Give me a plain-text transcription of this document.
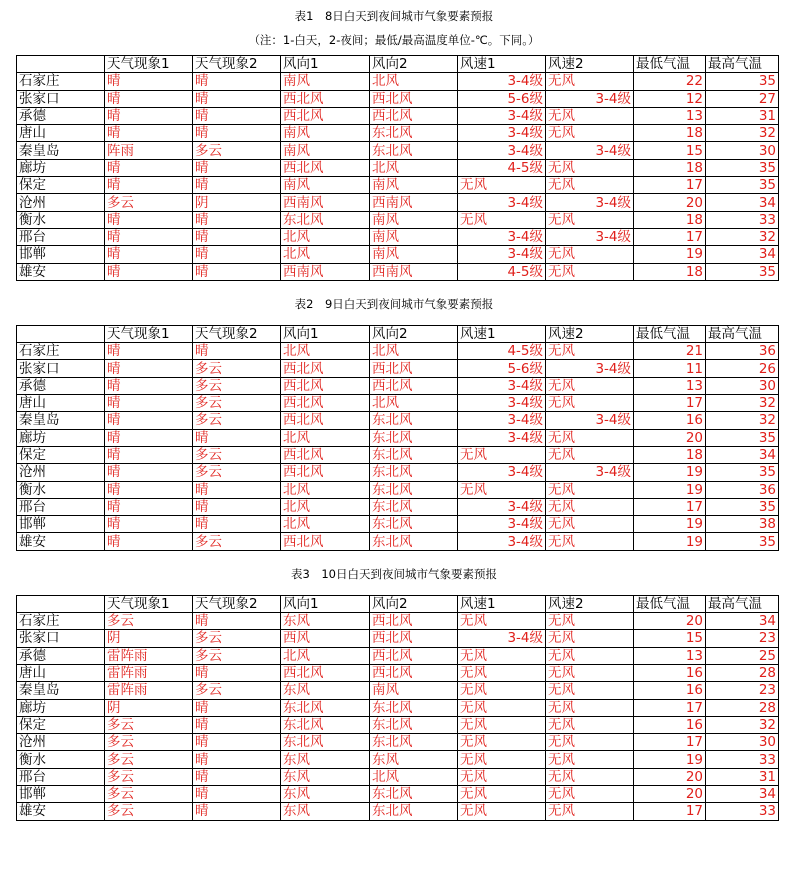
表1　8日白天到夜间城市气象要素预报
（注：1-白天，2-夜间；最低/最高温度单位-℃。下同。）
	天气现象1	天气现象2	风向1	风向2	风速1	风速2	最低气温	最高气温
石家庄	晴	晴	南风	北风	3-4级	无风	22	35
张家口	晴	晴	西北风	西北风	5-6级	3-4级	12	27
承德	晴	晴	西北风	西北风	3-4级	无风	13	31
唐山	晴	晴	南风	东北风	3-4级	无风	18	32
秦皇岛	阵雨	多云	南风	东北风	3-4级	3-4级	15	30
廊坊	晴	晴	西北风	北风	4-5级	无风	18	35
保定	晴	晴	南风	南风	无风	无风	17	35
沧州	多云	阴	西南风	西南风	3-4级	3-4级	20	34
衡水	晴	晴	东北风	南风	无风	无风	18	33
邢台	晴	晴	北风	南风	3-4级	3-4级	17	32
邯郸	晴	晴	北风	南风	3-4级	无风	19	34
雄安	晴	晴	西南风	西南风	4-5级	无风	18	35
表2　9日白天到夜间城市气象要素预报
	天气现象1	天气现象2	风向1	风向2	风速1	风速2	最低气温	最高气温
石家庄	晴	晴	北风	北风	4-5级	无风	21	36
张家口	晴	多云	西北风	西北风	5-6级	3-4级	11	26
承德	晴	多云	西北风	西北风	3-4级	无风	13	30
唐山	晴	多云	西北风	北风	3-4级	无风	17	32
秦皇岛	晴	多云	西北风	东北风	3-4级	3-4级	16	32
廊坊	晴	晴	北风	东北风	3-4级	无风	20	35
保定	晴	多云	西北风	东北风	无风	无风	18	34
沧州	晴	多云	西北风	东北风	3-4级	3-4级	19	35
衡水	晴	晴	北风	东北风	无风	无风	19	36
邢台	晴	晴	北风	东北风	3-4级	无风	17	35
邯郸	晴	晴	北风	东北风	3-4级	无风	19	38
雄安	晴	多云	西北风	东北风	3-4级	无风	19	35
表3　10日白天到夜间城市气象要素预报
	天气现象1	天气现象2	风向1	风向2	风速1	风速2	最低气温	最高气温
石家庄	多云	晴	东风	西北风	无风	无风	20	34
张家口	阴	多云	西风	西北风	3-4级	无风	15	23
承德	雷阵雨	多云	北风	西北风	无风	无风	13	25
唐山	雷阵雨	晴	西北风	西北风	无风	无风	16	28
秦皇岛	雷阵雨	多云	东风	南风	无风	无风	16	23
廊坊	阴	晴	东北风	东北风	无风	无风	17	28
保定	多云	晴	东北风	东北风	无风	无风	16	32
沧州	多云	晴	东北风	东北风	无风	无风	17	30
衡水	多云	晴	东风	东风	无风	无风	19	33
邢台	多云	晴	东风	北风	无风	无风	20	31
邯郸	多云	晴	东风	东北风	无风	无风	20	34
雄安	多云	晴	东风	东北风	无风	无风	17	33
